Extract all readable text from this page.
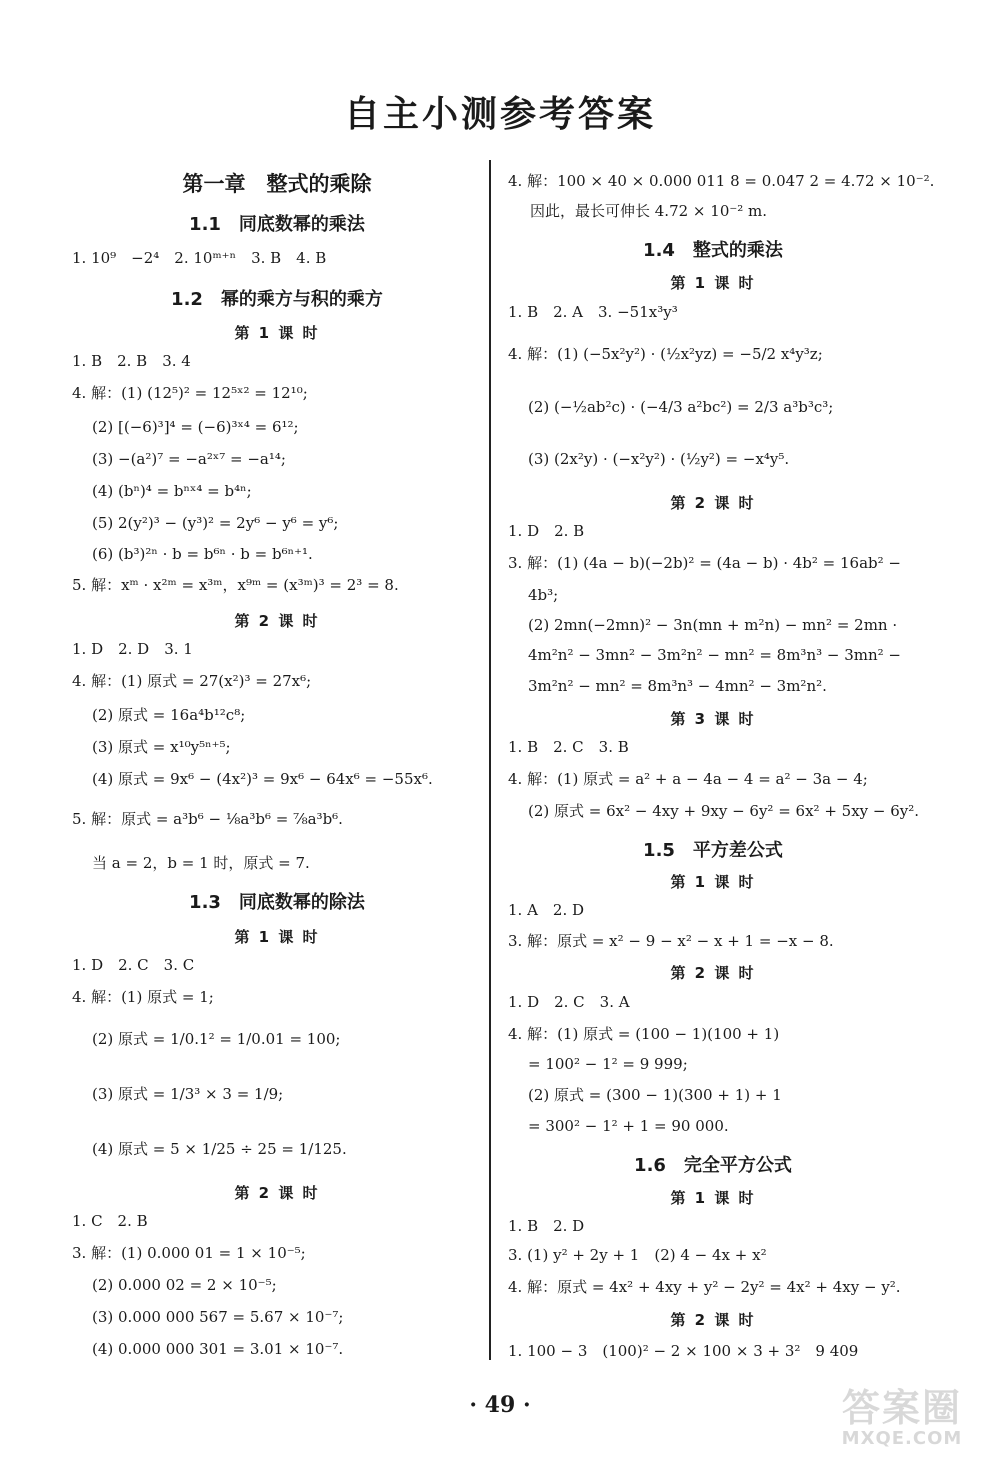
自主小测参考答案
第一章　整式的乘除
1.1　同底数幂的乘法
1. 10⁹　−2⁴　2. 10ᵐ⁺ⁿ　3. B　4. B
1.2　幂的乘方与积的乘方
第 1 课 时
1. B　2. B　3. 4
4. 解：(1) (12⁵)² = 12⁵ˣ² = 12¹⁰;
(2) [(−6)³]⁴ = (−6)³ˣ⁴ = 6¹²;
(3) −(a²)⁷ = −a²ˣ⁷ = −a¹⁴;
(4) (bⁿ)⁴ = bⁿˣ⁴ = b⁴ⁿ;
(5) 2(y²)³ − (y³)² = 2y⁶ − y⁶ = y⁶;
(6) (b³)²ⁿ · b = b⁶ⁿ · b = b⁶ⁿ⁺¹.
5. 解：xᵐ · x²ᵐ = x³ᵐ，x⁹ᵐ = (x³ᵐ)³ = 2³ = 8.
第 2 课 时
1. D　2. D　3. 1
4. 解：(1) 原式 = 27(x²)³ = 27x⁶;
(2) 原式 = 16a⁴b¹²c⁸;
(3) 原式 = x¹⁰y⁵ⁿ⁺⁵;
(4) 原式 = 9x⁶ − (4x²)³ = 9x⁶ − 64x⁶ = −55x⁶.
5. 解：原式 = a³b⁶ − ⅛a³b⁶ = ⅞a³b⁶.
当 a = 2，b = 1 时，原式 = 7.
1.3　同底数幂的除法
第 1 课 时
1. D　2. C　3. C
4. 解：(1) 原式 = 1;
(2) 原式 = 1/0.1² = 1/0.01 = 100;
(3) 原式 = 1/3³ × 3 = 1/9;
(4) 原式 = 5 × 1/25 ÷ 25 = 1/125.
第 2 课 时
1. C　2. B
3. 解：(1) 0.000 01 = 1 × 10⁻⁵;
(2) 0.000 02 = 2 × 10⁻⁵;
(3) 0.000 000 567 = 5.67 × 10⁻⁷;
(4) 0.000 000 301 = 3.01 × 10⁻⁷.
4. 解：100 × 40 × 0.000 011 8 = 0.047 2 = 4.72 × 10⁻².
因此，最长可伸长 4.72 × 10⁻² m.
1.4　整式的乘法
第 1 课 时
1. B　2. A　3. −51x³y³
4. 解：(1) (−5x²y²) · (½x²yz) = −5/2 x⁴y³z;
(2) (−½ab²c) · (−4/3 a²bc²) = 2/3 a³b³c³;
(3) (2x²y) · (−x²y²) · (½y²) = −x⁴y⁵.
第 2 课 时
1. D　2. B
3. 解：(1) (4a − b)(−2b)² = (4a − b) · 4b² = 16ab² −
4b³;
(2) 2mn(−2mn)² − 3n(mn + m²n) − mn² = 2mn ·
4m²n² − 3mn² − 3m²n² − mn² = 8m³n³ − 3mn² −
3m²n² − mn² = 8m³n³ − 4mn² − 3m²n².
第 3 课 时
1. B　2. C　3. B
4. 解：(1) 原式 = a² + a − 4a − 4 = a² − 3a − 4;
(2) 原式 = 6x² − 4xy + 9xy − 6y² = 6x² + 5xy − 6y².
1.5　平方差公式
第 1 课 时
1. A　2. D
3. 解：原式 = x² − 9 − x² − x + 1 = −x − 8.
第 2 课 时
1. D　2. C　3. A
4. 解：(1) 原式 = (100 − 1)(100 + 1)
= 100² − 1² = 9 999;
(2) 原式 = (300 − 1)(300 + 1) + 1
= 300² − 1² + 1 = 90 000.
1.6　完全平方公式
第 1 课 时
1. B　2. D
3. (1) y² + 2y + 1　(2) 4 − 4x + x²
4. 解：原式 = 4x² + 4xy + y² − 2y² = 4x² + 4xy − y².
第 2 课 时
1. 100 − 3　(100)² − 2 × 100 × 3 + 3²　9 409
· 49 ·	答案圈
MXQE.COM
